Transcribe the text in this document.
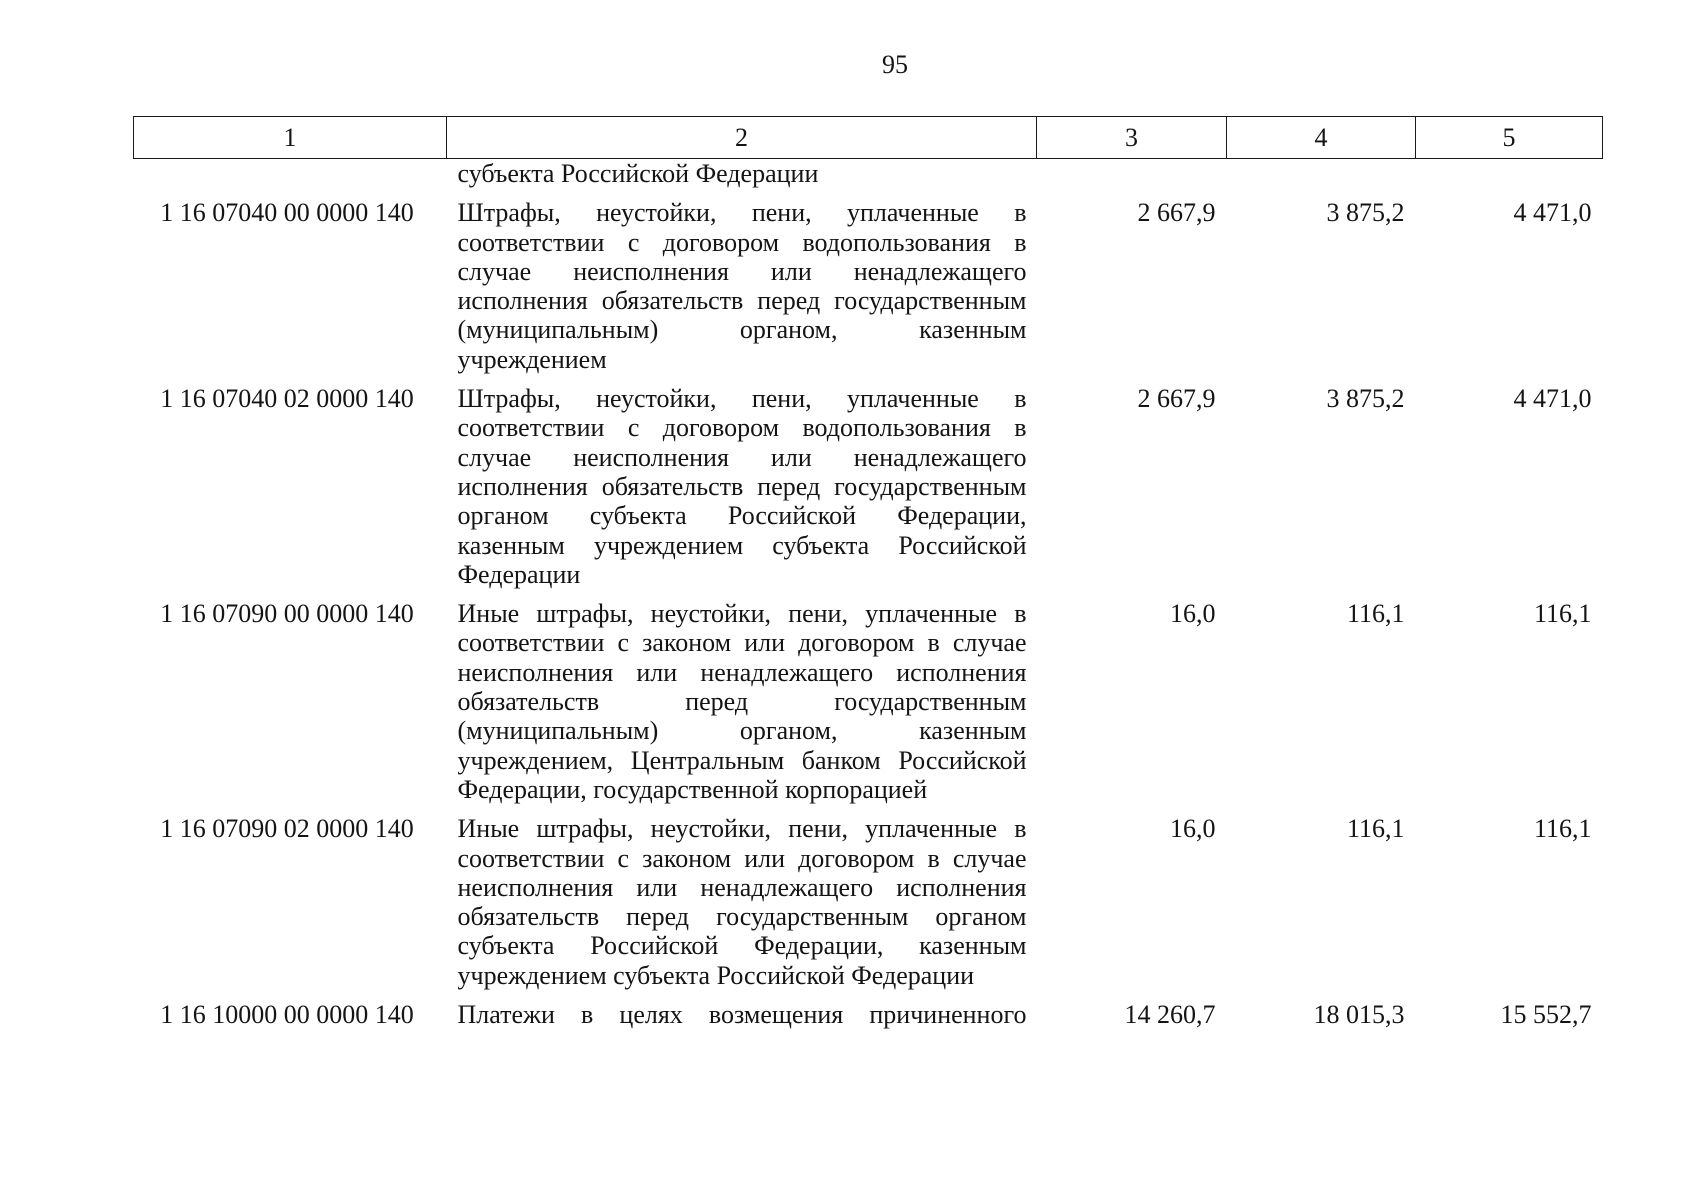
95
1	2	3	4	5
	субъекта Российской Федерации			
1 16 07040 00 0000 140	Штрафы, неустойки, пени, уплаченные в соответствии с договором водопользования в случае неисполнения или ненадлежащего исполнения обязательств перед государственным (муниципальным) органом, казенным учреждением	2 667,9	3 875,2	4 471,0
1 16 07040 02 0000 140	Штрафы, неустойки, пени, уплаченные в соответствии с договором водопользования в случае неисполнения или ненадлежащего исполнения обязательств перед государственным органом субъекта Российской Федерации, казенным учреждением субъекта Российской Федерации	2 667,9	3 875,2	4 471,0
1 16 07090 00 0000 140	Иные штрафы, неустойки, пени, уплаченные в соответствии с законом или договором в случае неисполнения или ненадлежащего исполнения обязательств перед государственным (муниципальным) органом, казенным учреждением, Центральным банком Российской Федерации, государственной корпорацией	16,0	116,1	116,1
1 16 07090 02 0000 140	Иные штрафы, неустойки, пени, уплаченные в соответствии с законом или договором в случае неисполнения или ненадлежащего исполнения обязательств перед государственным органом субъекта Российской Федерации, казенным учреждением субъекта Российской Федерации	16,0	116,1	116,1
1 16 10000 00 0000 140	Платежи в целях возмещения причиненного	14 260,7	18 015,3	15 552,7
